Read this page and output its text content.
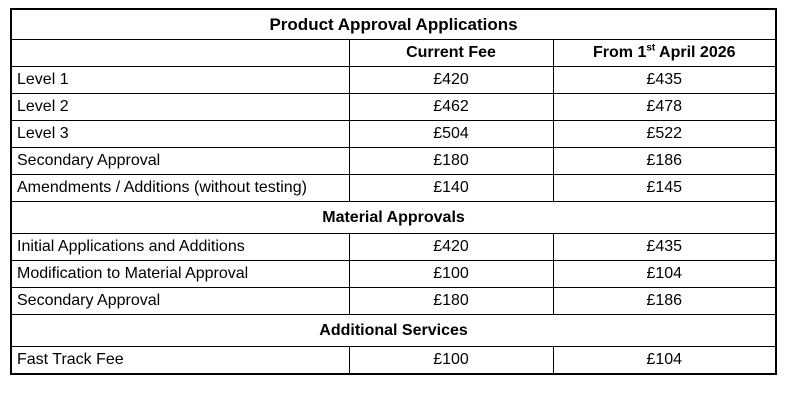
Product Approval Applications		
	Current Fee	From 1st April 2026
Level 1	£420	£435
Level 2	£462	£478
Level 3	£504	£522
Secondary Approval	£180	£186
Amendments / Additions (without testing)	£140	£145
Material Approvals		
Initial Applications and Additions	£420	£435
Modification to Material Approval	£100	£104
Secondary Approval	£180	£186
Additional Services		
Fast Track Fee	£100	£104
